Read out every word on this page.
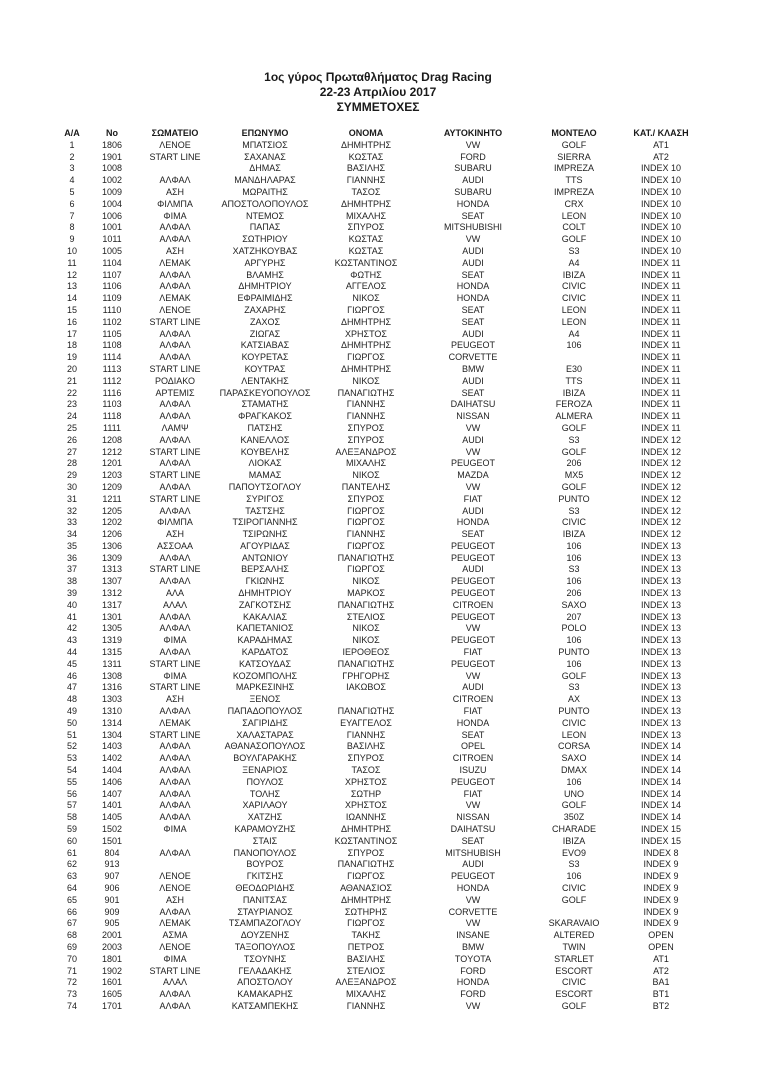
1ος γύρος Πρωταθλήματος Drag Racing
22-23 Απριλίου 2017
ΣΥΜΜΕΤΟΧΕΣ
Α/Α	Νο	ΣΩΜΑΤΕΙΟ	ΕΠΩΝΥΜΟ	ΟΝΟΜΑ	ΑΥΤΟΚΙΝΗΤΟ	ΜΟΝΤΕΛΟ	ΚΑΤ./ ΚΛΑΣΗ
1	1806	ΛΕΝΟΕ	ΜΠΑΤΣΙΟΣ	ΔΗΜΗΤΡΗΣ	VW	GOLF	AT1
2	1901	START LINE	ΣΑΧΑΝΑΣ	ΚΩΣΤΑΣ	FORD	SIERRA	AT2
3	1008		ΔΗΜΑΣ	ΒΑΣΙΛΗΣ	SUBARU	IMPREZA	INDEX 10
4	1002	ΑΛΦΑΛ	ΜΑΝΔΗΛΑΡΑΣ	ΓΙΑΝΝΗΣ	AUDI	TTS	INDEX 10
5	1009	ΑΣΗ	ΜΩΡΑΙΤΗΣ	ΤΑΣΟΣ	SUBARU	IMPREZA	INDEX 10
6	1004	ΦΙΛΜΠΑ	ΑΠΟΣΤΟΛΟΠΟΥΛΟΣ	ΔΗΜΗΤΡΗΣ	HONDA	CRX	INDEX 10
7	1006	ΦΙΜΑ	ΝΤΕΜΟΣ	ΜΙΧΑΛΗΣ	SEAT	LEON	INDEX 10
8	1001	ΑΛΦΑΛ	ΠΑΠΑΣ	ΣΠΥΡΟΣ	MITSHUBISHI	COLT	INDEX 10
9	1011	ΑΛΦΑΛ	ΣΩΤΗΡΙΟΥ	ΚΩΣΤΑΣ	VW	GOLF	INDEX 10
10	1005	ΑΣΗ	ΧΑΤΖΗΚΟΥΒΑΣ	ΚΩΣΤΑΣ	AUDI	S3	INDEX 10
11	1104	ΛΕΜΑΚ	ΑΡΓΥΡΗΣ	ΚΩΣΤΑΝΤΙΝΟΣ	AUDI	A4	INDEX 11
12	1107	ΑΛΦΑΛ	ΒΛΑΜΗΣ	ΦΩΤΗΣ	SEAT	IBIZA	INDEX 11
13	1106	ΑΛΦΑΛ	ΔΗΜΗΤΡΙΟΥ	ΑΓΓΕΛΟΣ	HONDA	CIVIC	INDEX 11
14	1109	ΛΕΜΑΚ	ΕΦΡΑΙΜΙΔΗΣ	ΝΙΚΟΣ	HONDA	CIVIC	INDEX 11
15	1110	ΛΕΝΟΕ	ΖΑΧΑΡΗΣ	ΓΙΩΡΓΟΣ	SEAT	LEON	INDEX 11
16	1102	START LINE	ΖΑΧΟΣ	ΔΗΜΗΤΡΗΣ	SEAT	LEON	INDEX 11
17	1105	ΑΛΦΑΛ	ΖΙΩΓΑΣ	ΧΡΗΣΤΟΣ	AUDI	A4	INDEX 11
18	1108	ΑΛΦΑΛ	ΚΑΤΣΙΑΒΑΣ	ΔΗΜΗΤΡΗΣ	PEUGEOT	106	INDEX 11
19	1114	ΑΛΦΑΛ	ΚΟΥΡΕΤΑΣ	ΓΙΩΡΓΟΣ	CORVETTE		INDEX 11
20	1113	START LINE	ΚΟΥΤΡΑΣ	ΔΗΜΗΤΡΗΣ	BMW	E30	INDEX 11
21	1112	ΡΟΔΙΑΚΟ	ΛΕΝΤΑΚΗΣ	ΝΙΚΟΣ	AUDI	TTS	INDEX 11
22	1116	ΑΡΤΕΜΙΣ	ΠΑΡΑΣΚΕΥΟΠΟΥΛΟΣ	ΠΑΝΑΓΙΩΤΗΣ	SEAT	IBIZA	INDEX 11
23	1103	ΑΛΦΑΛ	ΣΤΑΜΑΤΗΣ	ΓΙΑΝΝΗΣ	DAIHATSU	FEROZA	INDEX 11
24	1118	ΑΛΦΑΛ	ΦΡΑΓΚΑΚΟΣ	ΓΙΑΝΝΗΣ	NISSAN	ALMERA	INDEX 11
25	1111	ΛΑΜΨ	ΠΑΤΣΗΣ	ΣΠΥΡΟΣ	VW	GOLF	INDEX 11
26	1208	ΑΛΦΑΛ	ΚΑΝΕΛΛΟΣ	ΣΠΥΡΟΣ	AUDI	S3	INDEX 12
27	1212	START LINE	ΚΟΥΒΕΛΗΣ	ΑΛΕΞΑΝΔΡΟΣ	VW	GOLF	INDEX 12
28	1201	ΑΛΦΑΛ	ΛΙΟΚΑΣ	ΜΙΧΑΛΗΣ	PEUGEOT	206	INDEX 12
29	1203	START LINE	ΜΑΜΑΣ	ΝΙΚΟΣ	MAZDA	MX5	INDEX 12
30	1209	ΑΛΦΑΛ	ΠΑΠΟΥΤΣΟΓΛΟΥ	ΠΑΝΤΕΛΗΣ	VW	GOLF	INDEX 12
31	1211	START LINE	ΣΥΡΙΓΟΣ	ΣΠΥΡΟΣ	FIAT	PUNTO	INDEX 12
32	1205	ΑΛΦΑΛ	ΤΑΣΤΣΗΣ	ΓΙΩΡΓΟΣ	AUDI	S3	INDEX 12
33	1202	ΦΙΛΜΠΑ	ΤΣΙΡΟΓΙΑΝΝΗΣ	ΓΙΩΡΓΟΣ	HONDA	CIVIC	INDEX 12
34	1206	ΑΣΗ	ΤΣΙΡΩΝΗΣ	ΓΙΑΝΝΗΣ	SEAT	IBIZA	INDEX 12
35	1306	ΑΣΣΟΑΑ	ΑΓΟΥΡΙΔΑΣ	ΓΙΩΡΓΟΣ	PEUGEOT	106	INDEX 13
36	1309	ΑΛΦΑΛ	ΑΝΤΩΝΙΟΥ	ΠΑΝΑΓΙΩΤΗΣ	PEUGEOT	106	INDEX 13
37	1313	START LINE	ΒΕΡΣΑΛΗΣ	ΓΙΩΡΓΟΣ	AUDI	S3	INDEX 13
38	1307	ΑΛΦΑΛ	ΓΚΙΩΝΗΣ	ΝΙΚΟΣ	PEUGEOT	106	INDEX 13
39	1312	ΑΛΑ	ΔΗΜΗΤΡΙΟΥ	ΜΑΡΚΟΣ	PEUGEOT	206	INDEX 13
40	1317	ΑΛΑΛ	ΖΑΓΚΟΤΣΗΣ	ΠΑΝΑΓΙΩΤΗΣ	CITROEN	SAXO	INDEX 13
41	1301	ΑΛΦΑΛ	ΚΑΚΑΛΙΑΣ	ΣΤΕΛΙΟΣ	PEUGEOT	207	INDEX 13
42	1305	ΑΛΦΑΛ	ΚΑΠΕΤΑΝΙΟΣ	ΝΙΚΟΣ	VW	POLO	INDEX 13
43	1319	ΦΙΜΑ	ΚΑΡΑΔΗΜΑΣ	ΝΙΚΟΣ	PEUGEOT	106	INDEX 13
44	1315	ΑΛΦΑΛ	ΚΑΡΔΑΤΟΣ	ΙΕΡΟΘΕΟΣ	FIAT	PUNTO	INDEX 13
45	1311	START LINE	ΚΑΤΣΟΥΔΑΣ	ΠΑΝΑΓΙΩΤΗΣ	PEUGEOT	106	INDEX 13
46	1308	ΦΙΜΑ	ΚΟΖΟΜΠΟΛΗΣ	ΓΡΗΓΟΡΗΣ	VW	GOLF	INDEX 13
47	1316	START LINE	ΜΑΡΚΕΣΙΝΗΣ	ΙΑΚΩΒΟΣ	AUDI	S3	INDEX 13
48	1303	ΑΣΗ	ΞΕΝΟΣ		CITROEN	AX	INDEX 13
49	1310	ΑΛΦΑΛ	ΠΑΠΑΔΟΠΟΥΛΟΣ	ΠΑΝΑΓΙΩΤΗΣ	FIAT	PUNTO	INDEX 13
50	1314	ΛΕΜΑΚ	ΣΑΓΙΡΙΔΗΣ	ΕΥΑΓΓΕΛΟΣ	HONDA	CIVIC	INDEX 13
51	1304	START LINE	ΧΑΛΑΣΤΑΡΑΣ	ΓΙΑΝΝΗΣ	SEAT	LEON	INDEX 13
52	1403	ΑΛΦΑΛ	ΑΘΑΝΑΣΟΠΟΥΛΟΣ	ΒΑΣΙΛΗΣ	OPEL	CORSA	INDEX 14
53	1402	ΑΛΦΑΛ	ΒΟΥΛΓΑΡΑΚΗΣ	ΣΠΥΡΟΣ	CITROEN	SAXO	INDEX 14
54	1404	ΑΛΦΑΛ	ΞΕΝΑΡΙΟΣ	ΤΑΣΟΣ	ISUZU	DMAX	INDEX 14
55	1406	ΑΛΦΑΛ	ΠΟΥΛΟΣ	ΧΡΗΣΤΟΣ	PEUGEOT	106	INDEX 14
56	1407	ΑΛΦΑΛ	ΤΟΛΗΣ	ΣΩΤΗΡ	FIAT	UNO	INDEX 14
57	1401	ΑΛΦΑΛ	ΧΑΡΙΛΑΟΥ	ΧΡΗΣΤΟΣ	VW	GOLF	INDEX 14
58	1405	ΑΛΦΑΛ	ΧΑΤΖΗΣ	ΙΩΑΝΝΗΣ	NISSAN	350Z	INDEX 14
59	1502	ΦΙΜΑ	ΚΑΡΑΜΟΥΖΗΣ	ΔΗΜΗΤΡΗΣ	DAIHATSU	CHARADE	INDEX 15
60	1501		ΣΤΑΙΣ	ΚΩΣΤΑΝΤΙΝΟΣ	SEAT	IBIZA	INDEX 15
61	804	ΑΛΦΑΛ	ΠΑΝΟΠΟΥΛΟΣ	ΣΠΥΡΟΣ	MITSHUBISH	EVO9	INDEX 8
62	913		ΒΟΥΡΟΣ	ΠΑΝΑΓΙΩΤΗΣ	AUDI	S3	INDEX 9
63	907	ΛΕΝΟΕ	ΓΚΙΤΣΗΣ	ΓΙΩΡΓΟΣ	PEUGEOT	106	INDEX 9
64	906	ΛΕΝΟΕ	ΘΕΟΔΩΡΙΔΗΣ	ΑΘΑΝΑΣΙΟΣ	HONDA	CIVIC	INDEX 9
65	901	ΑΣΗ	ΠΑΝΙΤΣΑΣ	ΔΗΜΗΤΡΗΣ	VW	GOLF	INDEX 9
66	909	ΑΛΦΑΛ	ΣΤΑΥΡΙΑΝΟΣ	ΣΩΤΗΡΗΣ	CORVETTE		INDEX 9
67	905	ΛΕΜΑΚ	ΤΣΑΜΠΑΖΟΓΛΟΥ	ΓΙΩΡΓΟΣ	VW	SKARAVAIO	INDEX 9
68	2001	ΑΣΜΑ	ΔΟΥΖΕΝΗΣ	ΤΑΚΗΣ	INSANE	ALTERED	OPEN
69	2003	ΛΕΝΟΕ	ΤΑΞΟΠΟΥΛΟΣ	ΠΕΤΡΟΣ	BMW	TWIN	OPEN
70	1801	ΦΙΜΑ	ΤΣΟΥΝΗΣ	ΒΑΣΙΛΗΣ	TOYOTA	STARLET	AT1
71	1902	START LINE	ΓΕΛΑΔΑΚΗΣ	ΣΤΕΛΙΟΣ	FORD	ESCORT	AT2
72	1601	ΑΛΑΛ	ΑΠΟΣΤΟΛΟΥ	ΑΛΕΞΑΝΔΡΟΣ	HONDA	CIVIC	BA1
73	1605	ΑΛΦΑΛ	ΚΑΜΑΚΑΡΗΣ	ΜΙΧΑΛΗΣ	FORD	ESCORT	BT1
74	1701	ΑΛΦΑΛ	ΚΑΤΣΑΜΠΕΚΗΣ	ΓΙΑΝΝΗΣ	VW	GOLF	BT2
